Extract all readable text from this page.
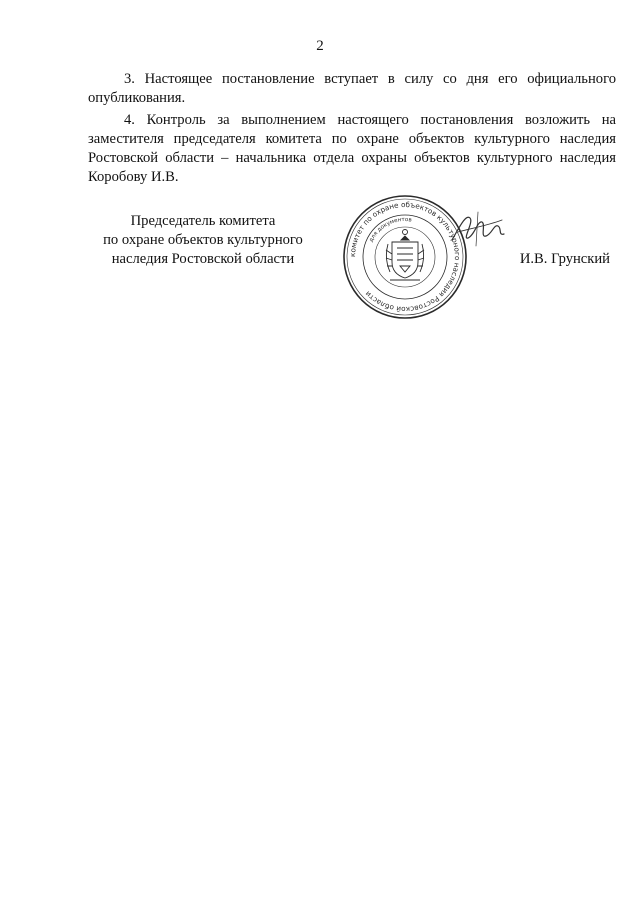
2

3. Настоящее постановление вступает в силу со дня его официального опубликования.

4. Контроль за выполнением настоящего постановления возложить на заместителя председателя комитета по охране объектов культурного наследия Ростовской области – начальника отдела охраны объектов культурного наследия Коробову И.В.

Председатель комитета
по охране объектов культурного
наследия Ростовской области	комитет по охране объектов культурного наследия Ростовской области
для документов
И.В. Грунский
